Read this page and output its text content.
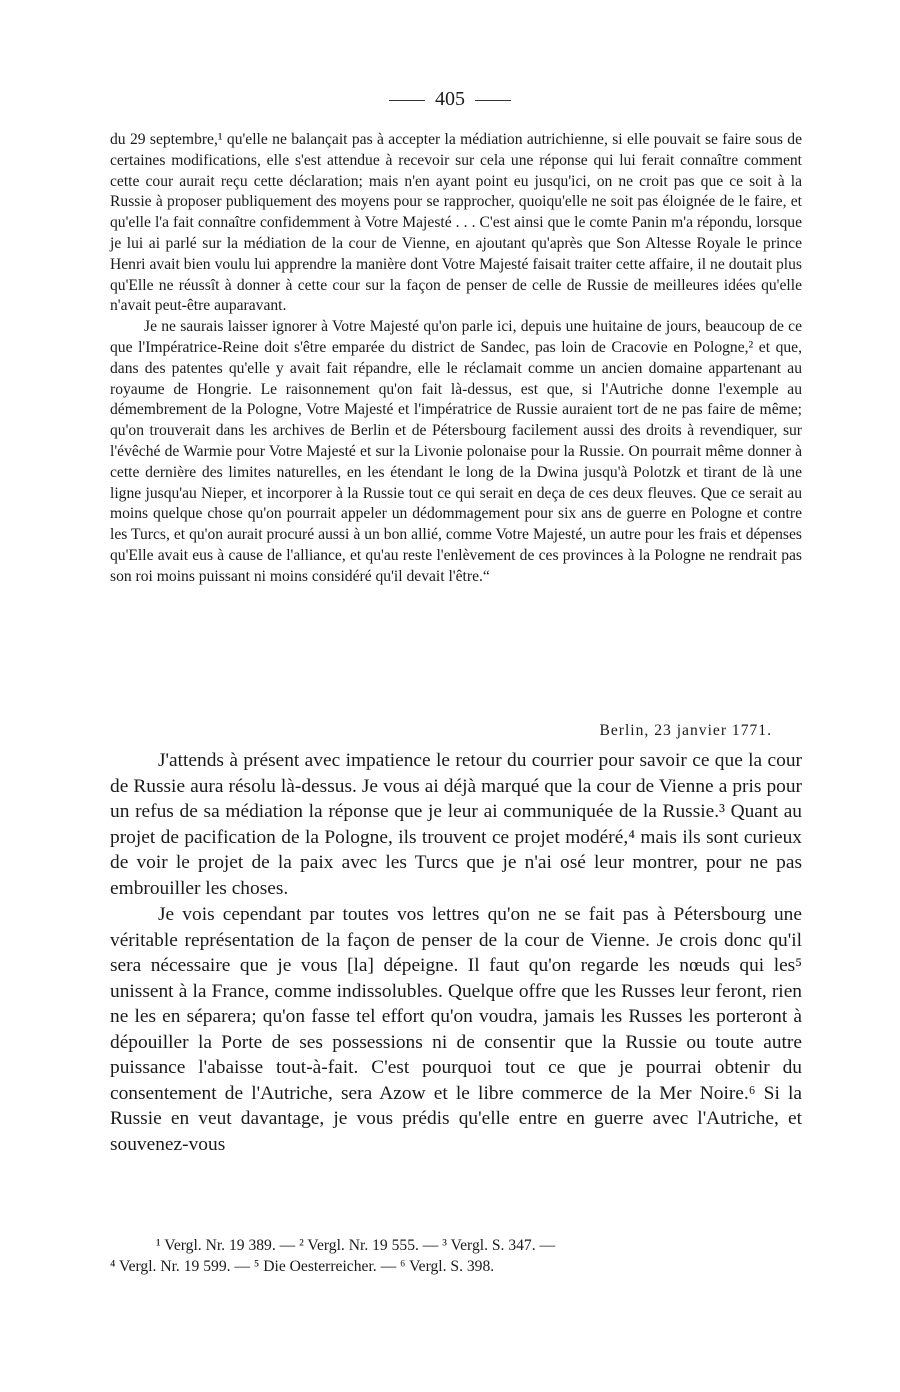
405

du 29 septembre,¹ qu'elle ne balançait pas à accepter la médiation autrichienne, si elle pouvait se faire sous de certaines modifications, elle s'est attendue à recevoir sur cela une réponse qui lui ferait connaître comment cette cour aurait reçu cette déclaration; mais n'en ayant point eu jusqu'ici, on ne croit pas que ce soit à la Russie à proposer publiquement des moyens pour se rapprocher, quoiqu'elle ne soit pas éloignée de le faire, et qu'elle l'a fait connaître confidemment à Votre Majesté . . . C'est ainsi que le comte Panin m'a répondu, lorsque je lui ai parlé sur la médiation de la cour de Vienne, en ajoutant qu'après que Son Altesse Royale le prince Henri avait bien voulu lui apprendre la manière dont Votre Majesté faisait traiter cette affaire, il ne doutait plus qu'Elle ne réussît à donner à cette cour sur la façon de penser de celle de Russie de meilleures idées qu'elle n'avait peut-être auparavant.

Je ne saurais laisser ignorer à Votre Majesté qu'on parle ici, depuis une huitaine de jours, beaucoup de ce que l'Impératrice-Reine doit s'être emparée du district de Sandec, pas loin de Cracovie en Pologne,² et que, dans des patentes qu'elle y avait fait répandre, elle le réclamait comme un ancien domaine appartenant au royaume de Hongrie. Le raisonnement qu'on fait là-dessus, est que, si l'Autriche donne l'exemple au démembrement de la Pologne, Votre Majesté et l'impératrice de Russie auraient tort de ne pas faire de même; qu'on trouverait dans les archives de Berlin et de Pétersbourg facilement aussi des droits à revendiquer, sur l'évêché de Warmie pour Votre Majesté et sur la Livonie polonaise pour la Russie. On pourrait même donner à cette dernière des limites naturelles, en les étendant le long de la Dwina jusqu'à Polotzk et tirant de là une ligne jusqu'au Nieper, et incorporer à la Russie tout ce qui serait en deça de ces deux fleuves. Que ce serait au moins quelque chose qu'on pourrait appeler un dédommagement pour six ans de guerre en Pologne et contre les Turcs, et qu'on aurait procuré aussi à un bon allié, comme Votre Majesté, un autre pour les frais et dépenses qu'Elle avait eus à cause de l'alliance, et qu'au reste l'enlèvement de ces provinces à la Pologne ne rendrait pas son roi moins puissant ni moins considéré qu'il devait l'être.“

Berlin, 23 janvier 1771.

J'attends à présent avec impatience le retour du courrier pour savoir ce que la cour de Russie aura résolu là-dessus. Je vous ai déjà marqué que la cour de Vienne a pris pour un refus de sa médiation la réponse que je leur ai communiquée de la Russie.³ Quant au projet de pacification de la Pologne, ils trouvent ce projet modéré,⁴ mais ils sont curieux de voir le projet de la paix avec les Turcs que je n'ai osé leur montrer, pour ne pas embrouiller les choses.

Je vois cependant par toutes vos lettres qu'on ne se fait pas à Pétersbourg une véritable représentation de la façon de penser de la cour de Vienne. Je crois donc qu'il sera nécessaire que je vous [la] dépeigne. Il faut qu'on regarde les nœuds qui les⁵ unissent à la France, comme indissolubles. Quelque offre que les Russes leur feront, rien ne les en séparera; qu'on fasse tel effort qu'on voudra, jamais les Russes les porteront à dépouiller la Porte de ses possessions ni de consentir que la Russie ou toute autre puissance l'abaisse tout-à-fait. C'est pourquoi tout ce que je pourrai obtenir du consentement de l'Autriche, sera Azow et le libre commerce de la Mer Noire.⁶ Si la Russie en veut davantage, je vous prédis qu'elle entre en guerre avec l'Autriche, et souvenez-vous

¹ Vergl. Nr. 19 389. — ² Vergl. Nr. 19 555. — ³ Vergl. S. 347. —
⁴ Vergl. Nr. 19 599. — ⁵ Die Oesterreicher. — ⁶ Vergl. S. 398.
